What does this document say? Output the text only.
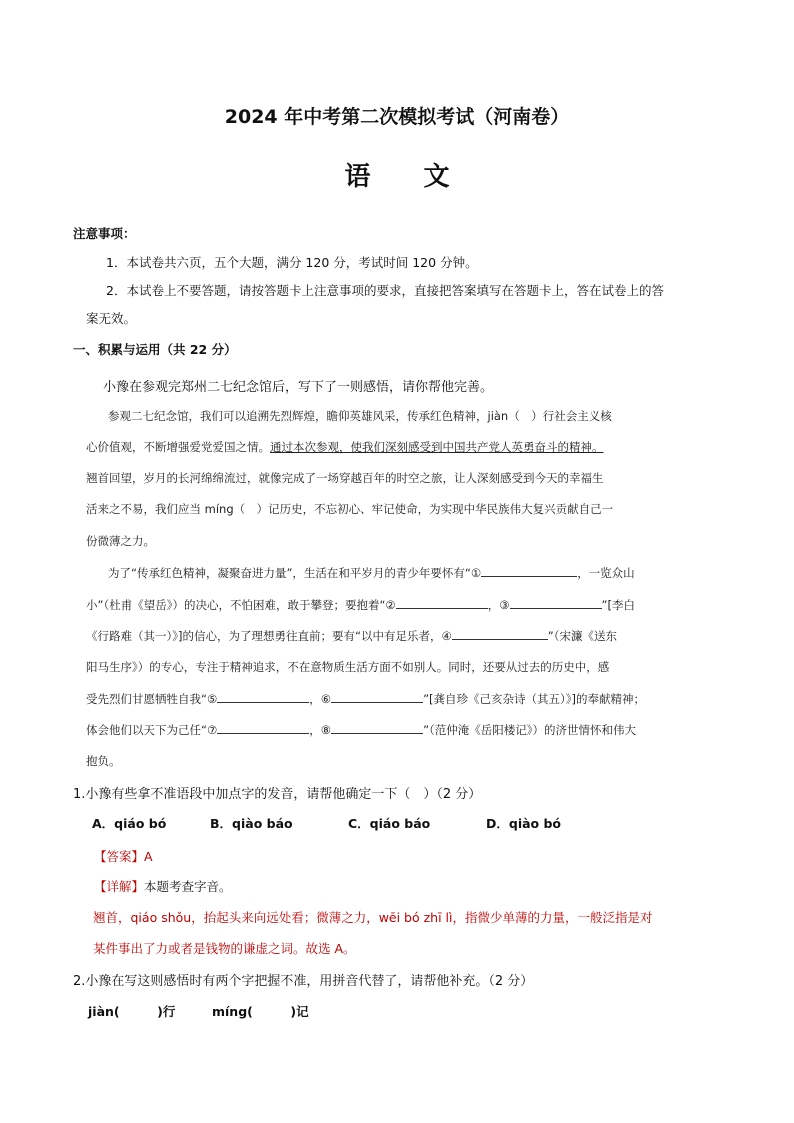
2024 年中考第二次模拟考试（河南卷）
语 文
注意事项：
1．本试卷共六页，五个大题，满分 120 分，考试时间 120 分钟。
2．本试卷上不要答题，请按答题卡上注意事项的要求，直接把答案填写在答题卡上，答在试卷上的答
案无效。
一、积累与运用（共 22 分）
小豫在参观完郑州二七纪念馆后，写下了一则感悟，请你帮他完善。
参观二七纪念馆，我们可以追溯先烈辉煌，瞻仰英雄风采，传承红色精神，jiàn（　）行社会主义核
心价值观，不断增强爱党爱国之情。通过本次参观，使我们深刻感受到中国共产党人英勇奋斗的精神。
翘首回望，岁月的长河绵绵流过，就像完成了一场穿越百年的时空之旅，让人深刻感受到今天的幸福生
活来之不易，我们应当 míng（　）记历史，不忘初心、牢记使命，为实现中华民族伟大复兴贡献自己一
份微薄之力。
为了“传承红色精神，凝聚奋进力量”，生活在和平岁月的青少年要怀有“①	，一览众山
小”（杜甫《望岳》）的决心，不怕困难，敢于攀登；要抱着“②	，③	”[李白
《行路难（其一）》]的信心，为了理想勇往直前；要有“以中有足乐者，④	”（宋濂《送东
阳马生序》）的专心，专注于精神追求，不在意物质生活方面不如别人。同时，还要从过去的历史中，感
受先烈们甘愿牺牲自我“⑤	，⑥	”[龚自珍《己亥杂诗（其五）》]的奉献精神；
体会他们以天下为己任“⑦	，⑧	”（范仲淹《岳阳楼记》）的济世情怀和伟大
抱负。
1.小豫有些拿不准语段中加点字的发音，请帮他确定一下（　）（2 分）
A．qiáo bó	B．qiào báo	C．qiáo báo	D．qiào bó
【答案】A
【详解】本题考查字音。
翘首，qiáo shǒu，抬起头来向远处看；微薄之力，wēi bó zhī lì，指微少单薄的力量，一般泛指是对
某件事出了力或者是钱物的谦虚之词。故选 A。
2.小豫在写这则感悟时有两个字把握不准，用拼音代替了，请帮他补充。（2 分）
jiàn(　　　)行	míng(　　　)记
